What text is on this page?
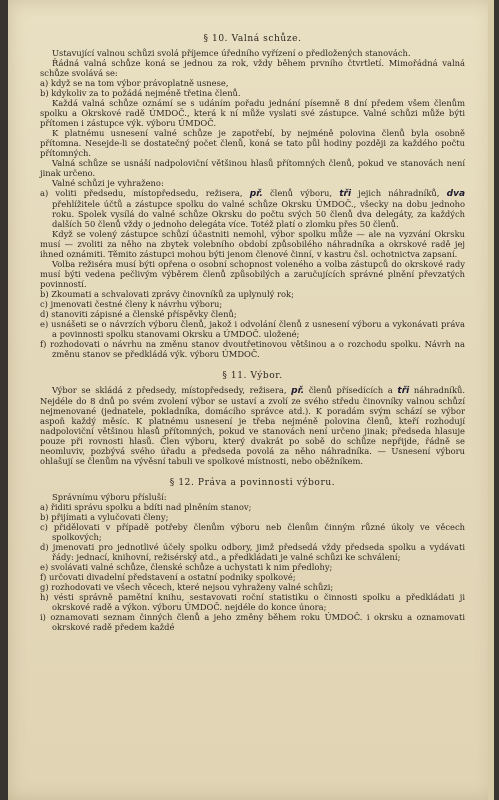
§ 10. Valná schůze.

Ustavující valnou schůzi svolá příjemce úředního vyřízení o předložených stanovách.

Řádná valná schůze koná se jednou za rok, vždy během prvního čtvrtletí. Mimořádná valná schůze svolává se:

a) když se na tom výbor právoplatně usnese,

b) kdykoliv za to požádá nejméně třetina členů.

Každá valná schůze oznámí se s udáním pořadu jednání písemně 8 dní předem všem členům spolku a Okrskové radě ÚMDOČ., která k ní může vyslati své zástupce. Valné schůzi může býti přítomen i zástupce výk. výboru ÚMDOČ.

K platnému usnesení valné schůze je zapotřebí, by nejméně polovina členů byla osobně přítomna. Nesejde-li se dostatečný počet členů, koná se tato půl hodiny později za každého počtu přítomných.

Valná schůze se usnáší nadpoloviční většinou hlasů přítomných členů, pokud ve stanovách není jinak určeno.

Valné schůzi je vyhraženo:

a) voliti předsedu, místopředsedu, režisera, př. členů výboru, tři jejich náhradníků, dva přehlížitele účtů a zástupce spolku do valné schůze Okrsku ÚMDOČ., všecky na dobu jednoho roku. Spolek vysílá do valné schůze Okrsku do počtu svých 50 členů dva delegáty, za každých dalších 50 členů vždy o jednoho delegáta více. Totéž platí o zlomku přes 50 členů.

Když se volený zástupce schůzí účastniti nemohl, výbor spolku může — ale na vyzvání Okrsku musí — zvoliti za něho na zbytek volebního období způsobilého náhradníka a okrskové radě jej ihned oznámiti. Těmito zástupci mohou býti jenom členové činní, v kastru čsl. ochotnictva zapsaní.

Volba režiséra musí býti opřena o osobní schopnost voleného a volba zástupců do okrskové rady musí býti vedena pečlivým výběrem členů způsobilých a zaručujících správné plnění převzatých povinností.

b) Zkoumati a schvalovati zprávy činovníků za uplynulý rok;

c) jmenovati čestné členy k návrhu výboru;

d) stanoviti zápisné a členské příspěvky členů;

e) usnášeti se o návrzích výboru členů, jakož i odvolání členů z usnesení výboru a vykonávati práva a povinnosti spolku stanovami Okrsku a ÚMDOČ. uložené;

f) rozhodovati o návrhu na změnu stanov dvoutřetinovou většinou a o rozchodu spolku. Návrh na změnu stanov se předkládá výk. výboru ÚMDOČ.

§ 11. Výbor.

Výbor se skládá z předsedy, místopředsedy, režisera, př. členů přísedících a tři náhradníků. Nejdéle do 8 dnů po svém zvolení výbor se ustaví a zvolí ze svého středu činovníky valnou schůzí nejmenované (jednatele, pokladníka, domácího správce atd.). K poradám svým schází se výbor aspoň každý měsíc. K platnému usnesení je třeba nejméně polovina členů, kteří rozhodují nadpoloviční většinou hlasů přítomných, pokud ve stanovách není určeno jinak; předseda hlasuje pouze při rovnosti hlasů. Člen výboru, který dvakrát po sobě do schůze nepřijde, řádně se neomluviv, pozbývá svého úřadu a předseda povolá za něho náhradníka. — Usnesení výboru ohlašují se členům na vývěsní tabuli ve spolkové místnosti, nebo oběžníkem.

§ 12. Práva a povinnosti výboru.

Správnímu výboru přísluší:

a) řiditi správu spolku a bdíti nad plněním stanov;

b) přijímati a vylučovati členy;

c) přidělovati v případě potřeby členům výboru neb členům činným různé úkoly ve věcech spolkových;

d) jmenovati pro jednotlivé účely spolku odbory, jimž předsedá vždy předseda spolku a vydávati řády: jednací, knihovní, režisérský atd., a předkládati je valné schůzi ke schválení;

e) svolávati valné schůze, členské schůze a uchystati k nim předlohy;

f) určovati divadelní představení a ostatní podniky spolkové;

g) rozhodovati ve všech věcech, které nejsou vyhraženy valné schůzi;

h) vésti správně pamětní knihu, sestavovati roční statistiku o činnosti spolku a předkládati ji okrskové radě a výkon. výboru ÚMDOČ. nejdéle do konce února;

i) oznamovati seznam činných členů a jeho změny během roku ÚMDOČ. i okrsku a oznamovati okrskové radě předem každé
